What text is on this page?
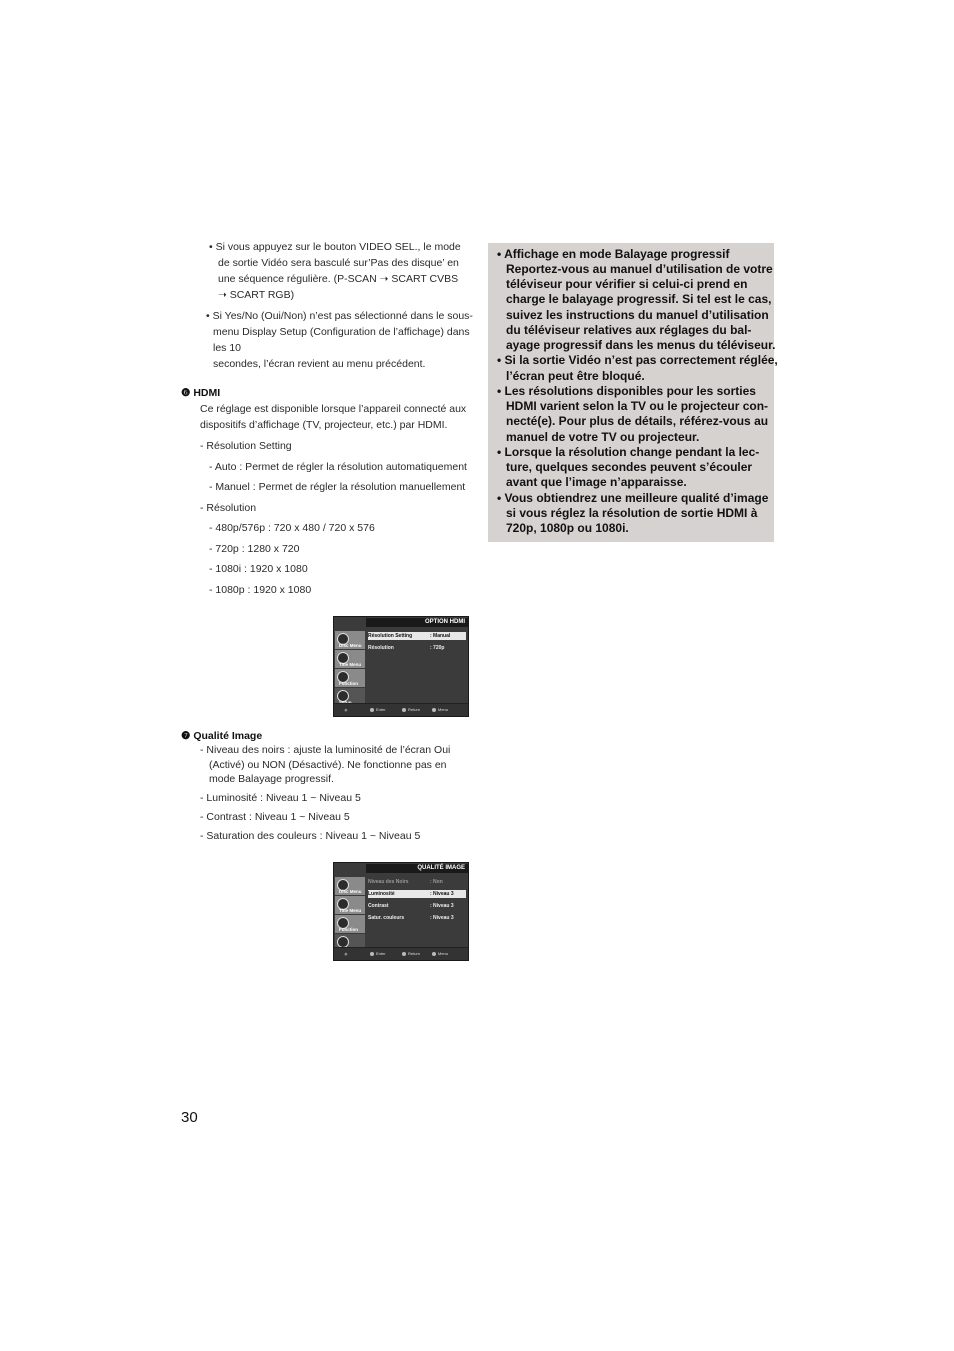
• Si vous appuyez sur le bouton VIDEO SEL., le mode
de sortie Vidéo sera basculé sur’Pas des disque’ en
une séquence régulière. (P-SCAN ➝ SCART CVBS
➝ SCART RGB)
• Si Yes/No (Oui/Non) n’est pas sélectionné dans le sous-
menu Display Setup (Configuration de l’affichage) dans
les 10
secondes, l’écran revient au menu précédent.
❻ HDMI
Ce réglage est disponible lorsque l’appareil connecté aux
dispositifs d’affichage (TV, projecteur, etc.) par HDMI.
- Résolution Setting
- Auto : Permet de régler la résolution automatiquement
- Manuel : Permet de régler la résolution manuellement
- Résolution
- 480p/576p : 720 x 480 / 720 x 576
- 720p : 1280 x 720
- 1080i : 1920 x 1080
- 1080p : 1920 x 1080
OPTION HDMI
Disc Menu
Title Menu
Function
Résolution Setting	: Manual
Résolution	: 720p
⋄	Enter	Return	Menu
❼ Qualité Image
- Niveau des noirs : ajuste la luminosité de l’écran Oui
(Activé) ou NON (Désactivé). Ne fonctionne pas en
mode Balayage progressif.
- Luminosité : Niveau 1 ~ Niveau 5
- Contrast : Niveau 1 ~ Niveau 5
- Saturation des couleurs : Niveau 1 ~ Niveau 5
QUALITÉ IMAGE
Disc Menu
Title Menu
Function
Niveau des Noirs	: Non
Luminosité	: Niveau 3
Contrast	: Niveau 3
Satur. couleurs	: Niveau 3
⋄	Enter	Return	Menu
• Affichage en mode Balayage progressif
Reportez-vous au manuel d’utilisation de votre
téléviseur pour vérifier si celui-ci prend en
charge le balayage progressif. Si tel est le cas,
suivez les instructions du manuel d’utilisation
du téléviseur relatives aux réglages du bal-
ayage progressif dans les menus du téléviseur.
• Si la sortie Vidéo n’est pas correctement réglée,
l’écran peut être bloqué.
• Les résolutions disponibles pour les sorties
HDMI varient selon la TV ou le projecteur con-
necté(e). Pour plus de détails, référez-vous au
manuel de votre TV ou projecteur.
• Lorsque la résolution change pendant la lec-
ture, quelques secondes peuvent s’écouler
avant que l’image n’apparaisse.
• Vous obtiendrez une meilleure qualité d’image
si vous réglez la résolution de sortie HDMI à
720p, 1080p ou 1080i.
30
